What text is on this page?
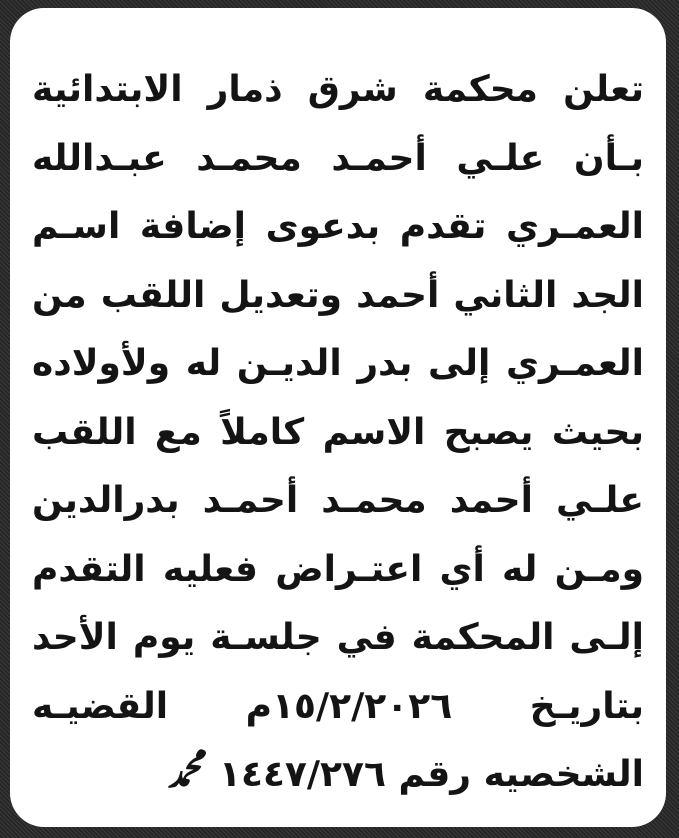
تعلن محكمة شرق ذمار الابتدائية
بـأن علـي أحمـد محمـد عبـدالله
العمـري تقدم بدعوى إضافة اسـم
الجد الثاني أحمد وتعديل اللقب من
العمـري إلى بدر الديـن له ولأولاده
بحيث يصبح الاسم كاملاً مع اللقب
علـي أحمد محمـد أحمـد بدرالدين
ومـن له أي اعتـراض فعليه التقدم
إلـى المحكمة في جلسـة يوم الأحد
بتاريـخ ١٥/٢/٢٠٢٦م القضيـه
الشخصيه رقم ١٤٤٧/٢٧٦ ﷴ
